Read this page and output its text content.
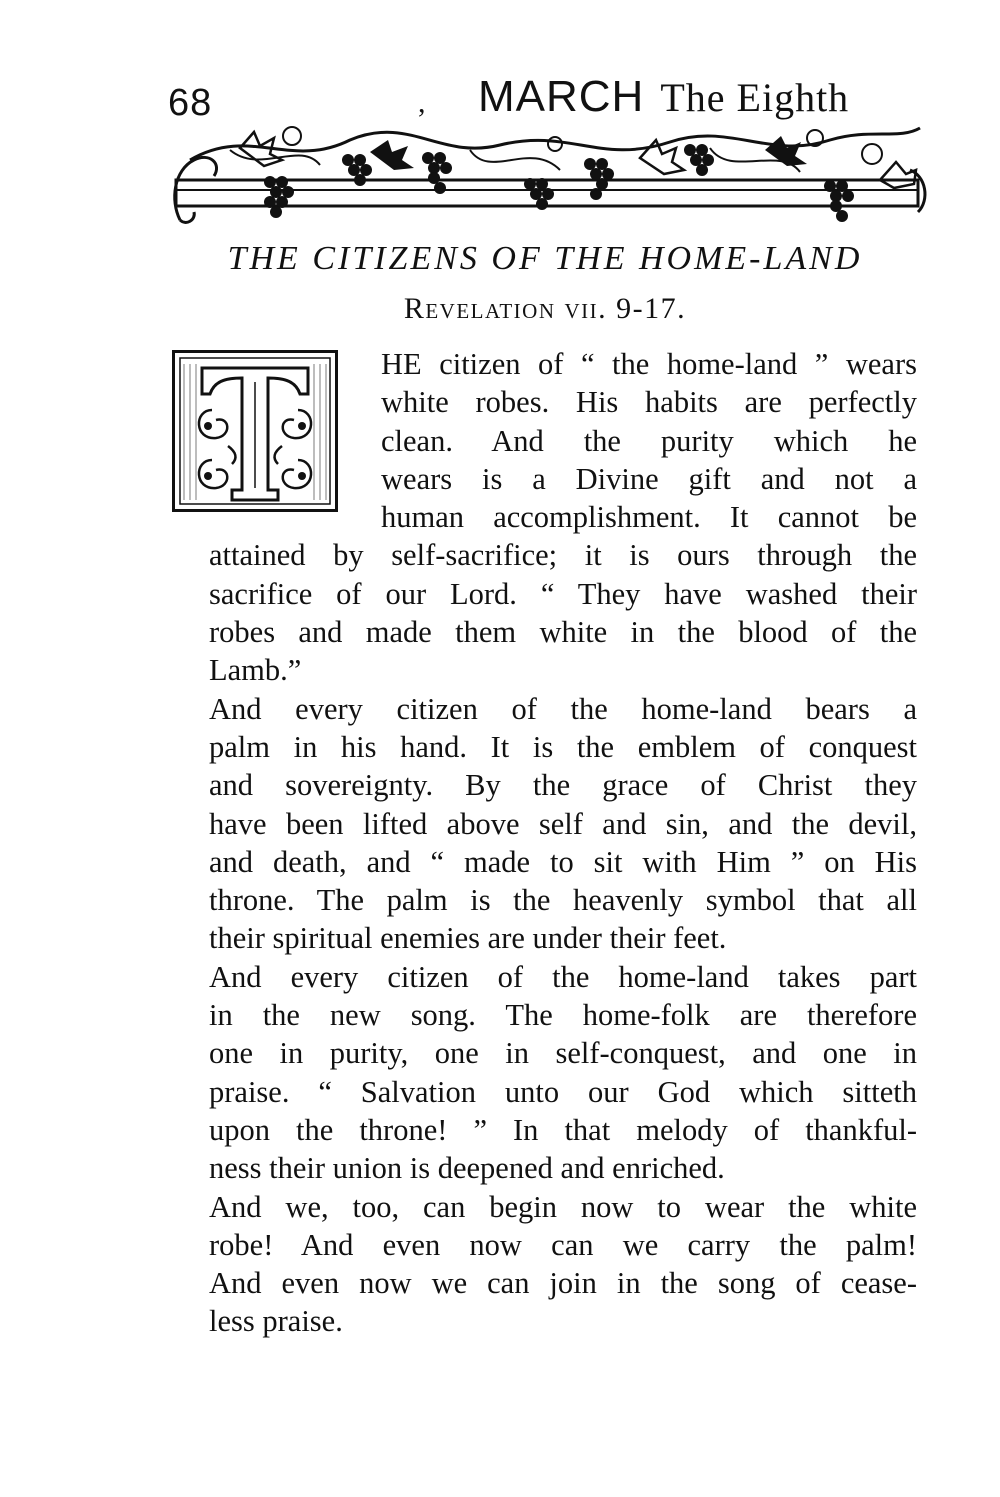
68	, MARCH The Eighth
THE CITIZENS OF THE HOME-LAND
Revelation vii. 9-17.
T	HE citizen of “ the home-land ” wears
white robes. His habits are perfectly
clean. And the purity which he
wears is a Divine gift and not a
human accomplishment. It cannot be
attained by self-sacrifice; it is ours through the
sacrifice of our Lord. “ They have washed their
robes and made them white in the blood of the
Lamb.”

And every citizen of the home-land bears a
palm in his hand. It is the emblem of conquest
and sovereignty. By the grace of Christ they
have been lifted above self and sin, and the devil,
and death, and “ made to sit with Him ” on His
throne. The palm is the heavenly symbol that all
their spiritual enemies are under their feet.

And every citizen of the home-land takes part
in the new song. The home-folk are therefore
one in purity, one in self-conquest, and one in
praise. “ Salvation unto our God which sitteth
upon the throne! ” In that melody of thankful-
ness their union is deepened and enriched.

And we, too, can begin now to wear the white
robe! And even now can we carry the palm!
And even now we can join in the song of cease-
less praise.
